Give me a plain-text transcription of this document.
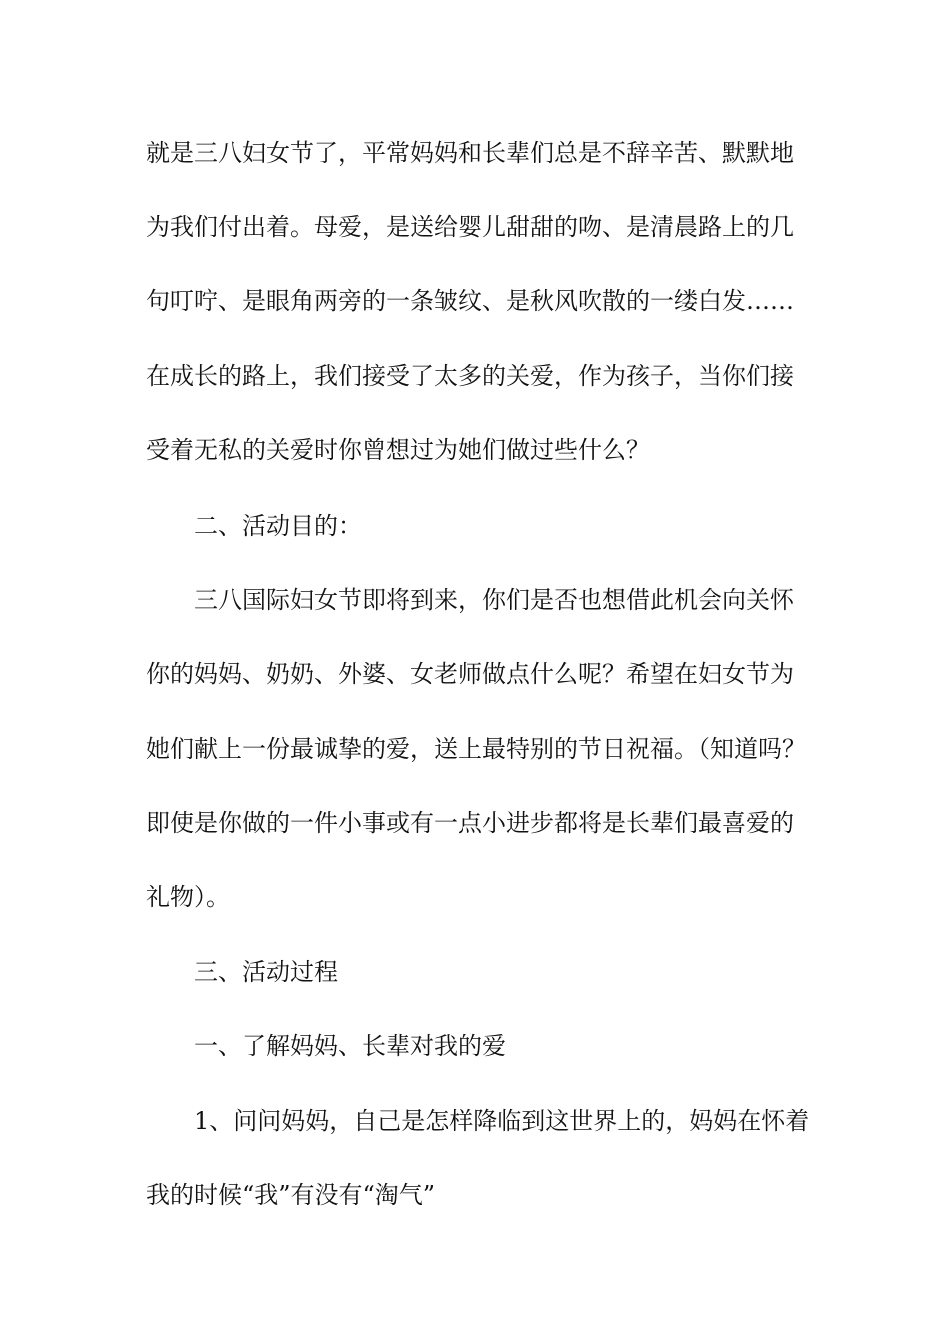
就是三八妇女节了，平常妈妈和长辈们总是不辞辛苦、默默地
为我们付出着。母爱，是送给婴儿甜甜的吻、是清晨路上的几
句叮咛、是眼角两旁的一条皱纹、是秋风吹散的一缕白发……
在成长的路上，我们接受了太多的关爱，作为孩子，当你们接
受着无私的关爱时你曾想过为她们做过些什么？
二、活动目的：
三八国际妇女节即将到来，你们是否也想借此机会向关怀
你的妈妈、奶奶、外婆、女老师做点什么呢？希望在妇女节为
她们献上一份最诚挚的爱，送上最特别的节日祝福。（知道吗？
即使是你做的一件小事或有一点小进步都将是长辈们最喜爱的
礼物）。
三、活动过程
一、了解妈妈、长辈对我的爱
1、问问妈妈，自己是怎样降临到这世界上的，妈妈在怀着
我的时候“我”有没有“淘气”
